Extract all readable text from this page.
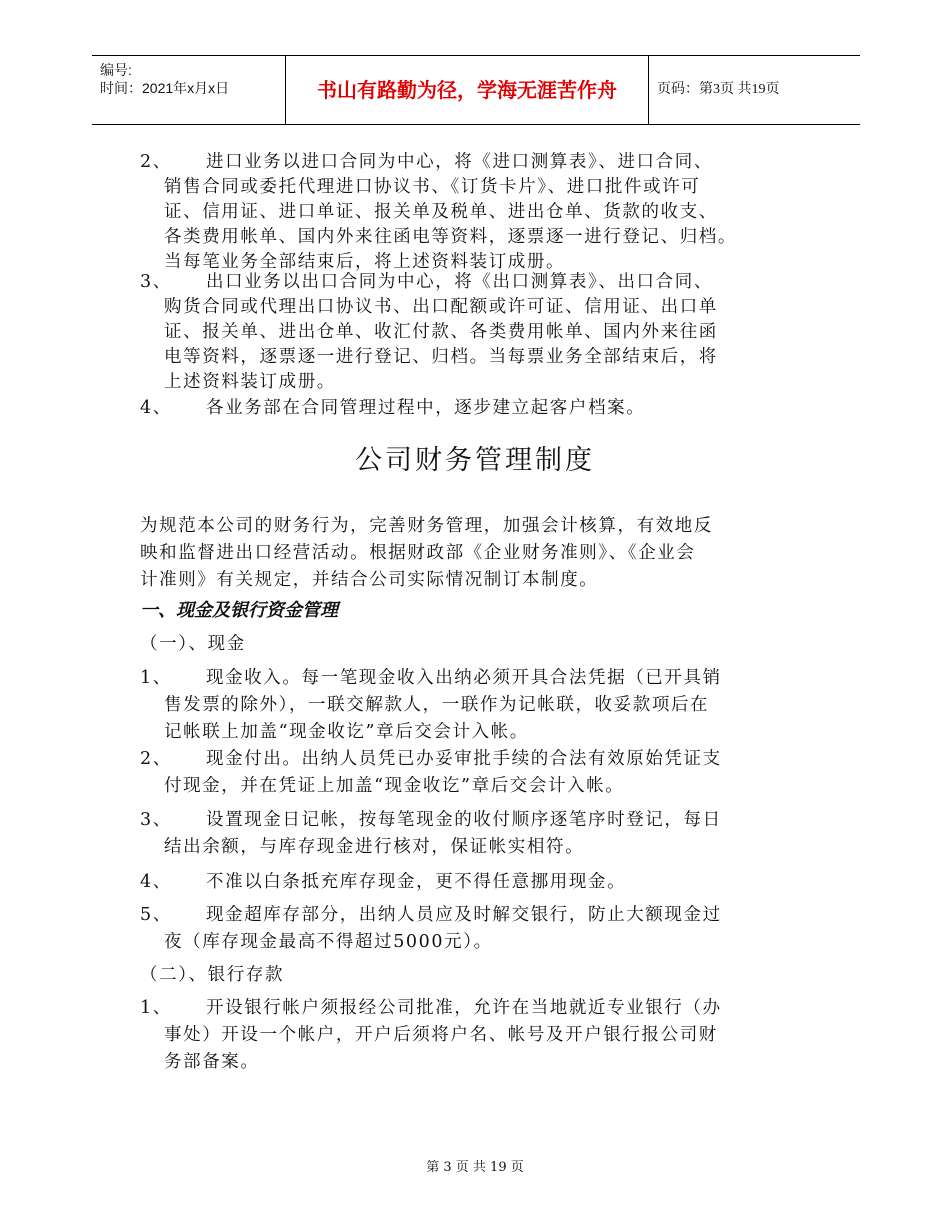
编号:
时间：2021年x月x日	书山有路勤为径，学海无涯苦作舟	页码：第3页 共19页
2、 进口业务以进口合同为中心，将《进口测算表》、进口合同、
销售合同或委托代理进口协议书、《订货卡片》、进口批件或许可
证、信用证、进口单证、报关单及税单、进出仓单、货款的收支、
各类费用帐单、国内外来往函电等资料，逐票逐一进行登记、归档。
当每笔业务全部结束后，将上述资料装订成册。
3、 出口业务以出口合同为中心，将《出口测算表》、出口合同、
购货合同或代理出口协议书、出口配额或许可证、信用证、出口单
证、报关单、进出仓单、收汇付款、各类费用帐单、国内外来往函
电等资料，逐票逐一进行登记、归档。当每票业务全部结束后，将
上述资料装订成册。
4、 各业务部在合同管理过程中，逐步建立起客户档案。
公司财务管理制度
为规范本公司的财务行为，完善财务管理，加强会计核算，有效地反
映和监督进出口经营活动。根据财政部《企业财务准则》、《企业会
计准则》有关规定，并结合公司实际情况制订本制度。
一、现金及银行资金管理
（一）、现金
1、 现金收入。每一笔现金收入出纳必须开具合法凭据（已开具销
售发票的除外），一联交解款人，一联作为记帐联，收妥款项后在
记帐联上加盖“现金收讫”章后交会计入帐。
2、 现金付出。出纳人员凭已办妥审批手续的合法有效原始凭证支
付现金，并在凭证上加盖“现金收讫”章后交会计入帐。
3、 设置现金日记帐，按每笔现金的收付顺序逐笔序时登记，每日
结出余额，与库存现金进行核对，保证帐实相符。
4、 不准以白条抵充库存现金，更不得任意挪用现金。
5、 现金超库存部分，出纳人员应及时解交银行，防止大额现金过
夜（库存现金最高不得超过5000元）。
（二）、银行存款
1、 开设银行帐户须报经公司批准，允许在当地就近专业银行（办
事处）开设一个帐户，开户后须将户名、帐号及开户银行报公司财
务部备案。
第 3 页 共 19 页
